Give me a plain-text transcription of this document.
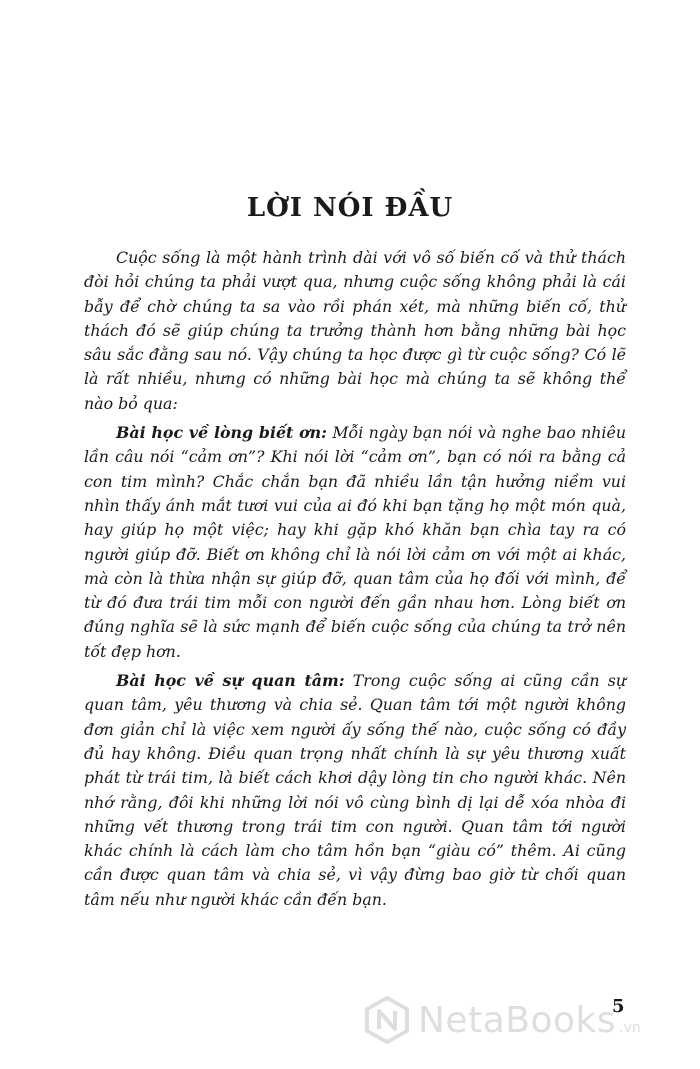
LỜI NÓI ĐẦU

Cuộc sống là một hành trình dài với vô số biến cố và thử thách đòi hỏi chúng ta phải vượt qua, nhưng cuộc sống không phải là cái bẫy để chờ chúng ta sa vào rồi phán xét, mà những biến cố, thử thách đó sẽ giúp chúng ta trưởng thành hơn bằng những bài học sâu sắc đằng sau nó. Vậy chúng ta học được gì từ cuộc sống? Có lẽ là rất nhiều, nhưng có những bài học mà chúng ta sẽ không thể nào bỏ qua:

Bài học về lòng biết ơn: Mỗi ngày bạn nói và nghe bao nhiêu lần câu nói “cảm ơn”? Khi nói lời “cảm ơn”, bạn có nói ra bằng cả con tim mình? Chắc chắn bạn đã nhiều lần tận hưởng niềm vui nhìn thấy ánh mắt tươi vui của ai đó khi bạn tặng họ một món quà, hay giúp họ một việc; hay khi gặp khó khăn bạn chìa tay ra có người giúp đỡ. Biết ơn không chỉ là nói lời cảm ơn với một ai khác, mà còn là thừa nhận sự giúp đỡ, quan tâm của họ đối với mình, để từ đó đưa trái tim mỗi con người đến gần nhau hơn. Lòng biết ơn đúng nghĩa sẽ là sức mạnh để biến cuộc sống của chúng ta trở nên tốt đẹp hơn.

Bài học về sự quan tâm: Trong cuộc sống ai cũng cần sự quan tâm, yêu thương và chia sẻ. Quan tâm tới một người không đơn giản chỉ là việc xem người ấy sống thế nào, cuộc sống có đầy đủ hay không. Điều quan trọng nhất chính là sự yêu thương xuất phát từ trái tim, là biết cách khơi dậy lòng tin cho người khác. Nên nhớ rằng, đôi khi những lời nói vô cùng bình dị lại dễ xóa nhòa đi những vết thương trong trái tim con người. Quan tâm tới người khác chính là cách làm cho tâm hồn bạn “giàu có” thêm. Ai cũng cần được quan tâm và chia sẻ, vì vậy đừng bao giờ từ chối quan tâm nếu như người khác cần đến bạn.

5
NetaBooks .vn
